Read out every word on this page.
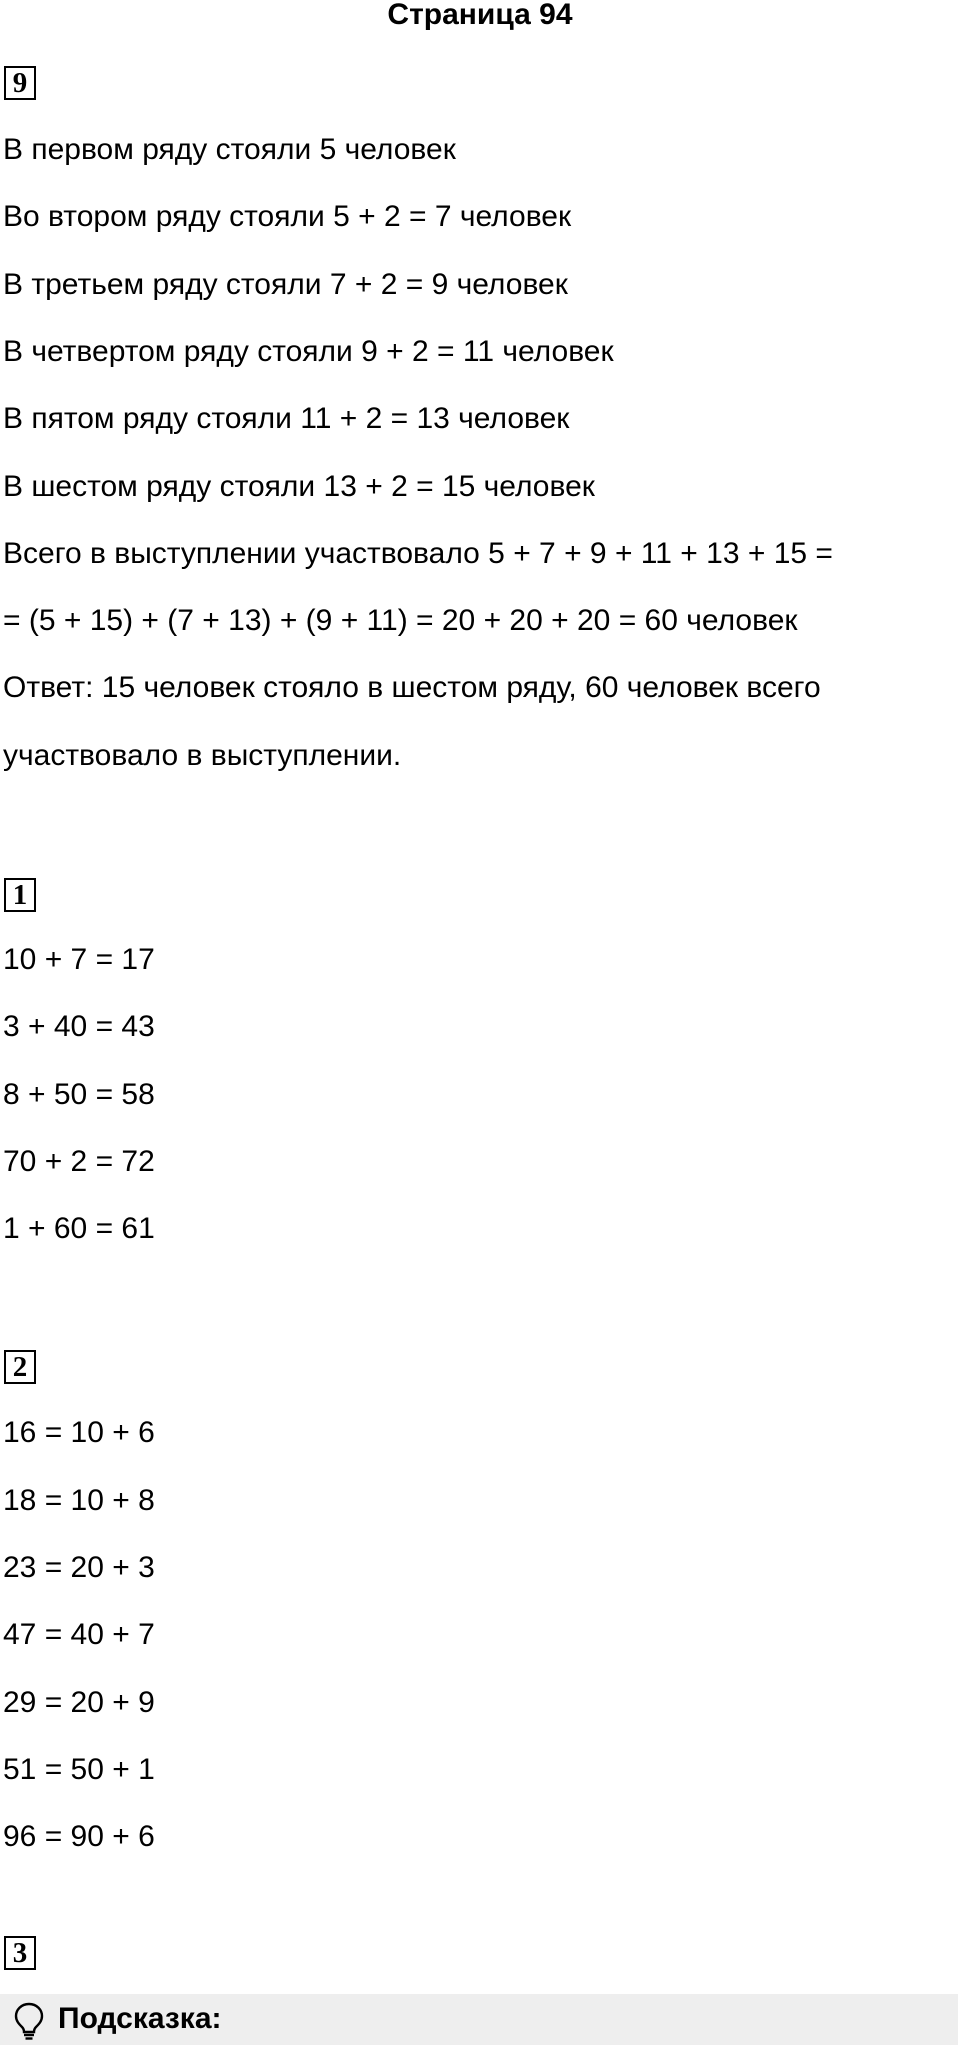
Страница 94
9
В первом ряду стояли 5 человек
Во втором ряду стояли 5 + 2 = 7 человек
В третьем ряду стояли 7 + 2 = 9 человек
В четвертом ряду стояли 9 + 2 = 11 человек
В пятом ряду стояли 11 + 2 = 13 человек
В шестом ряду стояли 13 + 2 = 15 человек
Всего в выступлении участвовало 5 + 7 + 9 + 11 + 13 + 15 =
= (5 + 15) + (7 + 13) + (9 + 11) = 20 + 20 + 20 = 60 человек
Ответ: 15 человек стояло в шестом ряду, 60 человек всего
участвовало в выступлении.
1
10 + 7 = 17
3 + 40 = 43
8 + 50 = 58
70 + 2 = 72
1 + 60 = 61
2
16 = 10 + 6
18 = 10 + 8
23 = 20 + 3
47 = 40 + 7
29 = 20 + 9
51 = 50 + 1
96 = 90 + 6
3
Подсказка:
